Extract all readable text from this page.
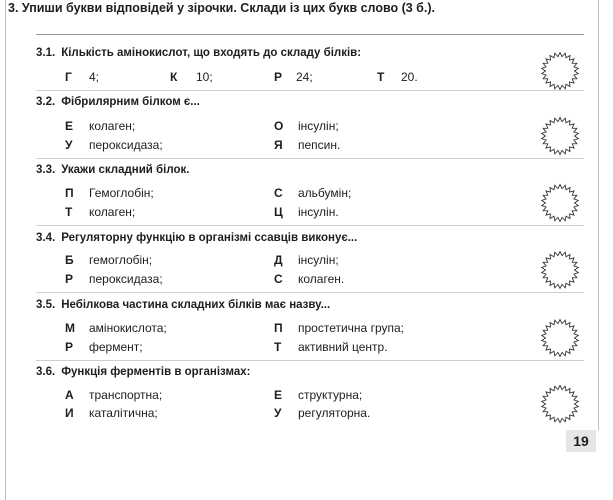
3. Упиши букви відповідей у зірочки. Склади із цих букв слово (3 б.).
3.1. Кількість амінокислот, що входять до складу білків:
Г 4;	К 10;	Р 24;	Т 20.
3.2. Фібрилярним білком є...
Е колаген;	О інсулін;
У пероксидаза;	Я пепсин.
3.3. Укажи складний білок.
П Гемоглобін;	С альбумін;
Т колаген;	Ц інсулін.
3.4. Регуляторну функцію в організмі ссавців виконує...
Б гемоглобін;	Д інсулін;
Р пероксидаза;	С колаген.
3.5. Небілкова частина складних білків має назву...
М амінокислота;	П простетична група;
Р фермент;	Т активний центр.
3.6. Функція ферментів в організмах:
А транспортна;	Е структурна;
И каталітична;	У регуляторна.
19
